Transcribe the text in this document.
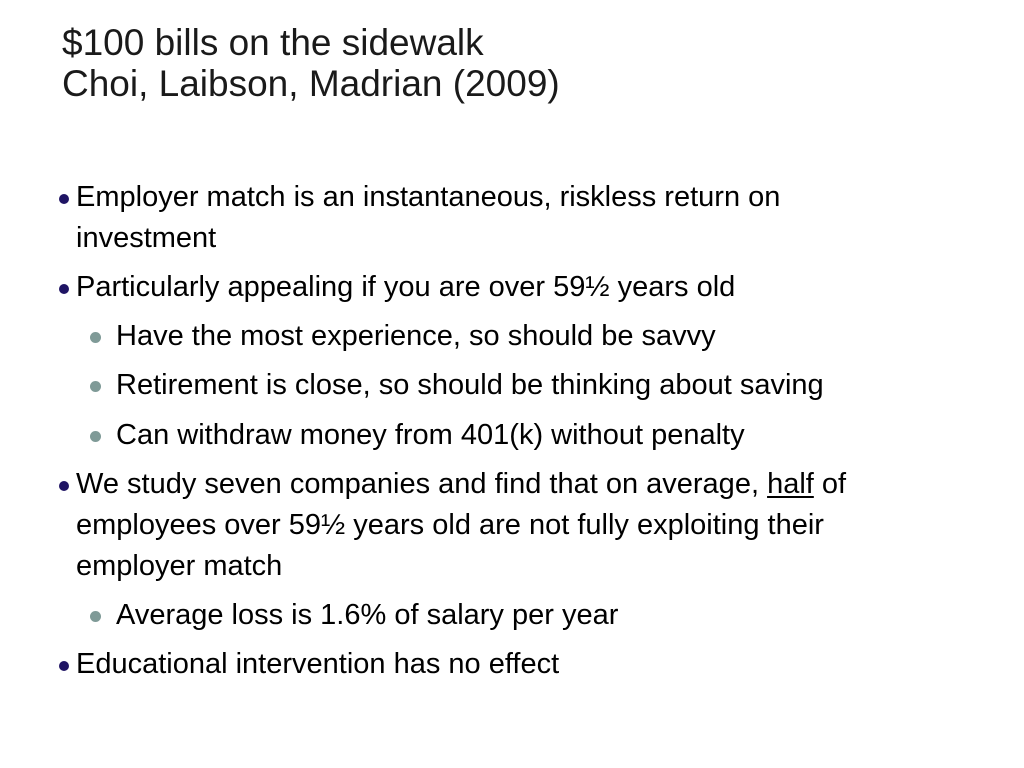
$100 bills on the sidewalk
Choi, Laibson, Madrian (2009)
Employer match is an instantaneous, riskless return on
investment
Particularly appealing if you are over 59½ years old
Have the most experience, so should be savvy
Retirement is close, so should be thinking about saving
Can withdraw money from 401(k) without penalty
We study seven companies and find that on average, half of
employees over 59½ years old are not fully exploiting their
employer match
Average loss is 1.6% of salary per year
Educational intervention has no effect
